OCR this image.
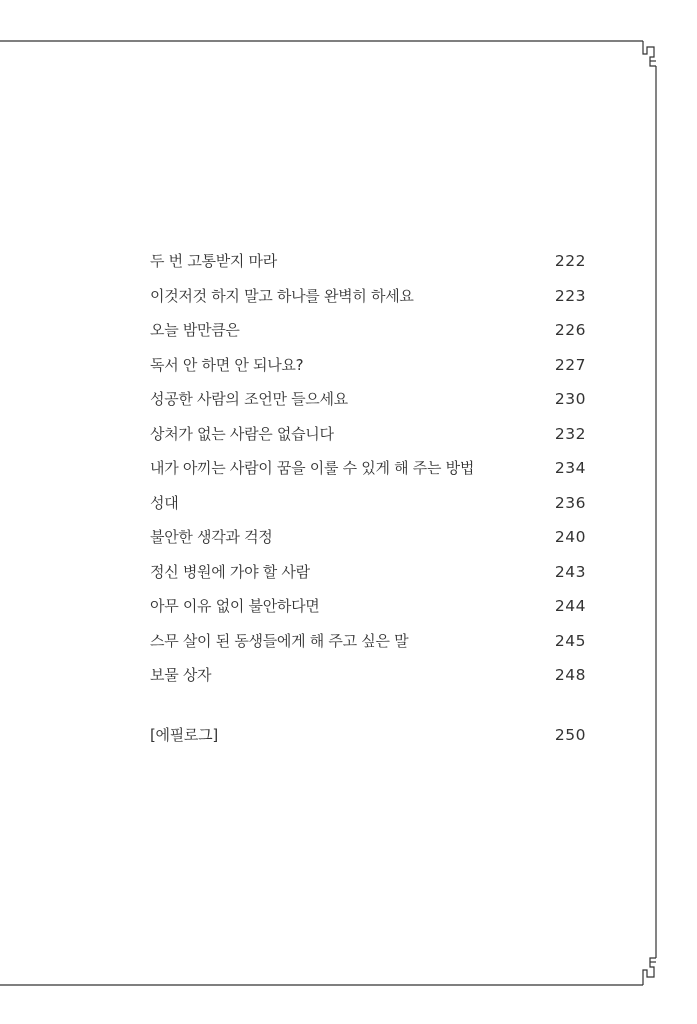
두 번 고통받지 마라	222
이것저것 하지 말고 하나를 완벽히 하세요	223
오늘 밤만큼은	226
독서 안 하면 안 되나요?	227
성공한 사람의 조언만 들으세요	230
상처가 없는 사람은 없습니다	232
내가 아끼는 사람이 꿈을 이룰 수 있게 해 주는 방법	234
성대	236
불안한 생각과 걱정	240
정신 병원에 가야 할 사람	243
아무 이유 없이 불안하다면	244
스무 살이 된 동생들에게 해 주고 싶은 말	245
보물 상자	248
[에필로그]	250
